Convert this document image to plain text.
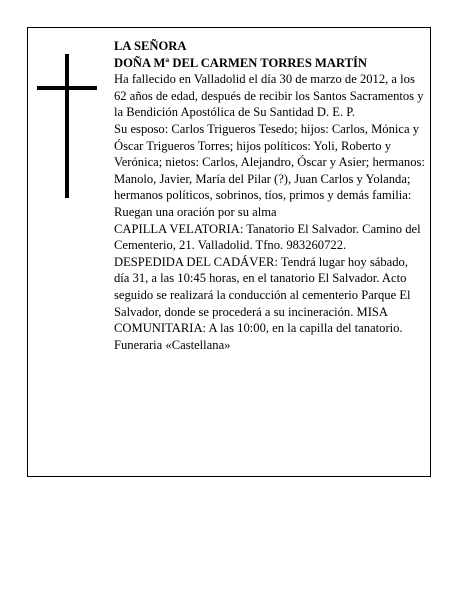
LA SEÑORA

DOÑA Mª DEL CARMEN TORRES MARTÍN

Ha fallecido en Valladolid el día 30 de marzo de 2012, a los 62 años de edad, después de recibir los Santos Sacramentos y la Bendición Apostólica de Su Santidad D. E. P.

Su esposo: Carlos Trigueros Tesedo; hijos: Carlos, Mónica y Óscar Trigueros Torres; hijos políticos: Yoli, Roberto y Verónica; nietos: Carlos, Alejandro, Óscar y Asier; hermanos: Manolo, Javier, María del Pilar (?), Juan Carlos y Yolanda; hermanos políticos, sobrinos, tíos, primos y demás familia:

Ruegan una oración por su alma

CAPILLA VELATORIA: Tanatorio El Salvador. Camino del Cementerio, 21. Valladolid. Tfno. 983260722.

DESPEDIDA DEL CADÁVER: Tendrá lugar hoy sábado, día 31, a las 10:45 horas, en el tanatorio El Salvador. Acto seguido se realizará la conducción al cementerio Parque El Salvador, donde se procederá a su incineración. MISA COMUNITARIA: A las 10:00, en la capilla del tanatorio.

Funeraria «Castellana»
